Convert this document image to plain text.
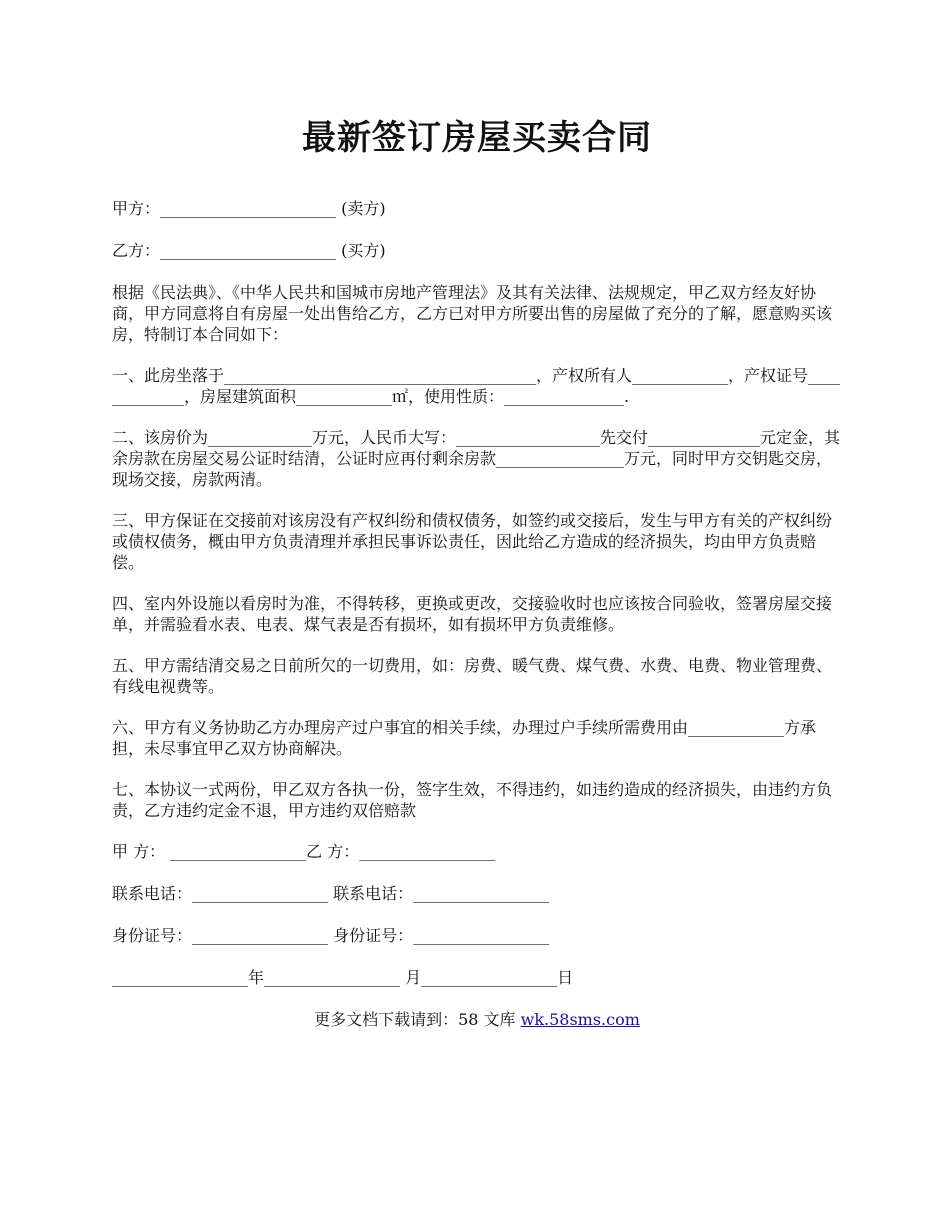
最新签订房屋买卖合同
甲方：______________________ (卖方)
乙方：______________________ (买方)
根据《民法典》、《中华人民共和国城市房地产管理法》及其有关法律、法规规定，甲乙双方经友好协商，甲方同意将自有房屋一处出售给乙方，乙方已对甲方所要出售的房屋做了充分的了解，愿意购买该房，特制订本合同如下：
一、此房坐落于_______________________________________，产权所有人____________，产权证号_____________，房屋建筑面积____________㎡，使用性质：_______________.
二、该房价为_____________万元，人民币大写：__________________先交付______________元定金，其余房款在房屋交易公证时结清，公证时应再付剩余房款________________万元，同时甲方交钥匙交房，现场交接，房款两清。
三、甲方保证在交接前对该房没有产权纠纷和债权债务，如签约或交接后，发生与甲方有关的产权纠纷或债权债务，概由甲方负责清理并承担民事诉讼责任，因此给乙方造成的经济损失，均由甲方负责赔偿。
四、室内外设施以看房时为准，不得转移，更换或更改，交接验收时也应该按合同验收，签署房屋交接单，并需验看水表、电表、煤气表是否有损坏，如有损坏甲方负责维修。
五、甲方需结清交易之日前所欠的一切费用，如：房费、暖气费、煤气费、水费、电费、物业管理费、有线电视费等。
六、甲方有义务协助乙方办理房产过户事宜的相关手续，办理过户手续所需费用由____________方承担，未尽事宜甲乙双方协商解决。
七、本协议一式两份，甲乙双方各执一份，签字生效，不得违约，如违约造成的经济损失，由违约方负责，乙方违约定金不退，甲方违约双倍赔款
甲 方： _________________乙 方：_________________
联系电话：_________________ 联系电话：_________________
身份证号：_________________ 身份证号：_________________
_________________年_________________ 月_________________日
更多文档下载请到：58 文库 wk.58sms.com
